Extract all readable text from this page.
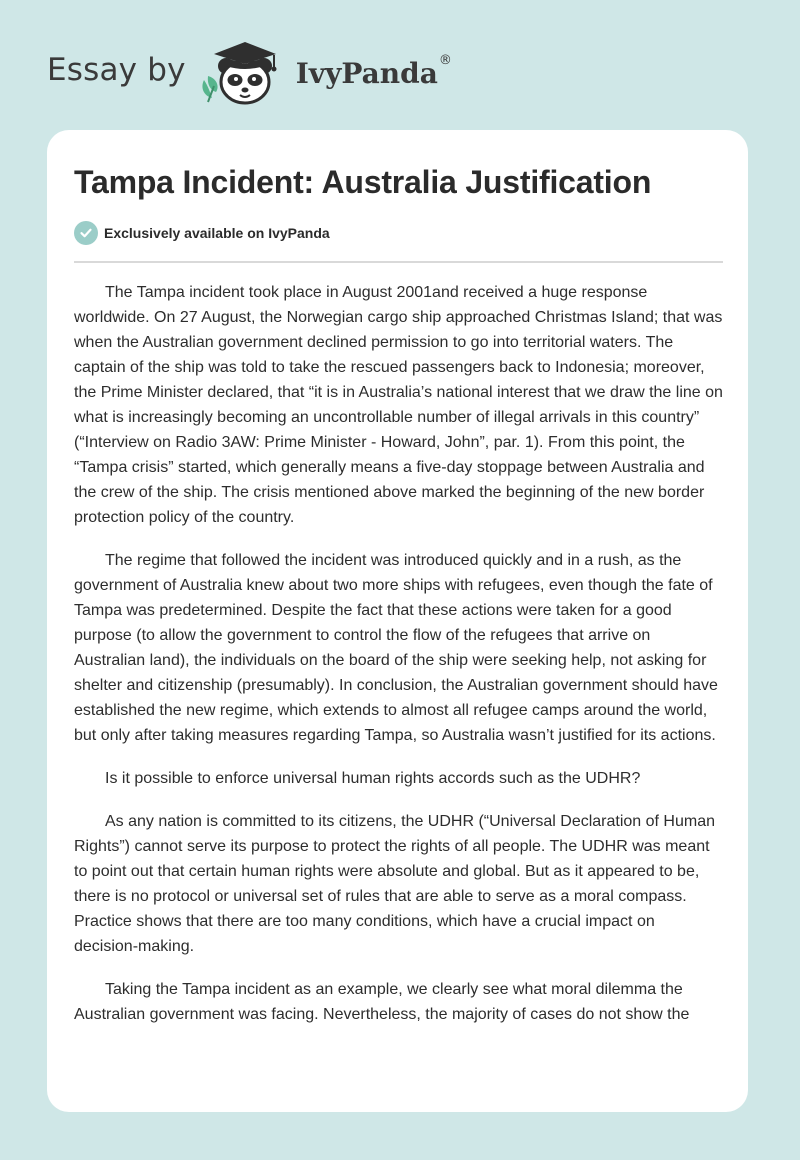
Essay by	IvyPanda ®
Tampa Incident: Australia Justification
Exclusively available on IvyPanda

The Tampa incident took place in August 2001and received a huge response worldwide. On 27 August, the Norwegian cargo ship approached Christmas Island; that was when the Australian government declined permission to go into territorial waters. The captain of the ship was told to take the rescued passengers back to Indonesia; moreover, the Prime Minister declared, that “it is in Australia’s national interest that we draw the line on what is increasingly becoming an uncontrollable number of illegal arrivals in this country” (“Interview on Radio 3AW: Prime Minister - Howard, John”, par. 1). From this point, the “Tampa crisis” started, which generally means a five-day stoppage between Australia and the crew of the ship. The crisis mentioned above marked the beginning of the new border protection policy of the country.

The regime that followed the incident was introduced quickly and in a rush, as the government of Australia knew about two more ships with refugees, even though the fate of Tampa was predetermined. Despite the fact that these actions were taken for a good purpose (to allow the government to control the flow of the refugees that arrive on Australian land), the individuals on the board of the ship were seeking help, not asking for shelter and citizenship (presumably). In conclusion, the Australian government should have established the new regime, which extends to almost all refugee camps around the world, but only after taking measures regarding Tampa, so Australia wasn’t justified for its actions.

Is it possible to enforce universal human rights accords such as the UDHR?

As any nation is committed to its citizens, the UDHR (“Universal Declaration of Human Rights”) cannot serve its purpose to protect the rights of all people. The UDHR was meant to point out that certain human rights were absolute and global. But as it appeared to be, there is no protocol or universal set of rules that are able to serve as a moral compass. Practice shows that there are too many conditions, which have a crucial impact on decision-making.

Taking the Tampa incident as an example, we clearly see what moral dilemma the Australian government was facing. Nevertheless, the majority of cases do not show the
